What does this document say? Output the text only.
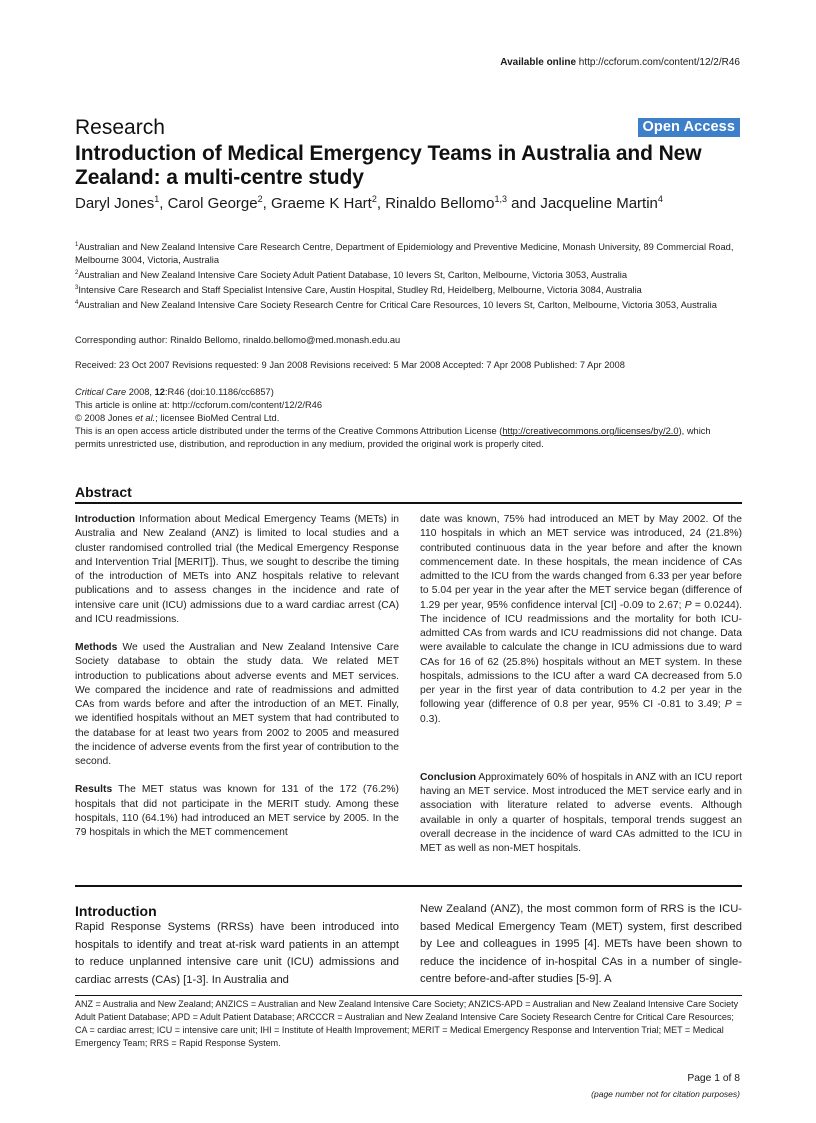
Available online http://ccforum.com/content/12/2/R46
Research	Open Access
Introduction of Medical Emergency Teams in Australia and New Zealand: a multi-centre study
Daryl Jones$^1$, Carol George$^2$, Graeme K Hart$^2$, Rinaldo Bellomo$^{1,3}$ and Jacqueline Martin$^4$
$^1$Australian and New Zealand Intensive Care Research Centre, Department of Epidemiology and Preventive Medicine, Monash University, 89 Commercial Road, Melbourne 3004, Victoria, Australia
$^2$Australian and New Zealand Intensive Care Society Adult Patient Database, 10 Ievers St, Carlton, Melbourne, Victoria 3053, Australia
$^3$Intensive Care Research and Staff Specialist Intensive Care, Austin Hospital, Studley Rd, Heidelberg, Melbourne, Victoria 3084, Australia
$^4$Australian and New Zealand Intensive Care Society Research Centre for Critical Care Resources, 10 Ievers St, Carlton, Melbourne, Victoria 3053, Australia
Corresponding author: Rinaldo Bellomo, rinaldo.bellomo@med.monash.edu.au
Received: 23 Oct 2007 Revisions requested: 9 Jan 2008 Revisions received: 5 Mar 2008 Accepted: 7 Apr 2008 Published: 7 Apr 2008
Critical Care 2008, 12:R46 (doi:10.1186/cc6857)
This article is online at: http://ccforum.com/content/12/2/R46
© 2008 Jones et al.; licensee BioMed Central Ltd.
This is an open access article distributed under the terms of the Creative Commons Attribution License (http://creativecommons.org/licenses/by/2.0), which permits unrestricted use, distribution, and reproduction in any medium, provided the original work is properly cited.
Abstract
Introduction Information about Medical Emergency Teams (METs) in Australia and New Zealand (ANZ) is limited to local studies and a cluster randomised controlled trial (the Medical Emergency Response and Intervention Trial [MERIT]). Thus, we sought to describe the timing of the introduction of METs into ANZ hospitals relative to relevant publications and to assess changes in the incidence and rate of intensive care unit (ICU) admissions due to a ward cardiac arrest (CA) and ICU readmissions.
Methods We used the Australian and New Zealand Intensive Care Society database to obtain the study data. We related MET introduction to publications about adverse events and MET services. We compared the incidence and rate of readmissions and admitted CAs from wards before and after the introduction of an MET. Finally, we identified hospitals without an MET system that had contributed to the database for at least two years from 2002 to 2005 and measured the incidence of adverse events from the first year of contribution to the second.
Results The MET status was known for 131 of the 172 (76.2%) hospitals that did not participate in the MERIT study. Among these hospitals, 110 (64.1%) had introduced an MET service by 2005. In the 79 hospitals in which the MET commencement
date was known, 75% had introduced an MET by May 2002. Of the 110 hospitals in which an MET service was introduced, 24 (21.8%) contributed continuous data in the year before and after the known commencement date. In these hospitals, the mean incidence of CAs admitted to the ICU from the wards changed from 6.33 per year before to 5.04 per year in the year after the MET service began (difference of 1.29 per year, 95% confidence interval [CI] -0.09 to 2.67; P = 0.0244). The incidence of ICU readmissions and the mortality for both ICU-admitted CAs from wards and ICU readmissions did not change. Data were available to calculate the change in ICU admissions due to ward CAs for 16 of 62 (25.8%) hospitals without an MET system. In these hospitals, admissions to the ICU after a ward CA decreased from 5.0 per year in the first year of data contribution to 4.2 per year in the following year (difference of 0.8 per year, 95% CI -0.81 to 3.49; P = 0.3).
Conclusion Approximately 60% of hospitals in ANZ with an ICU report having an MET service. Most introduced the MET service early and in association with literature related to adverse events. Although available in only a quarter of hospitals, temporal trends suggest an overall decrease in the incidence of ward CAs admitted to the ICU in MET as well as non-MET hospitals.
Introduction
Rapid Response Systems (RRSs) have been introduced into hospitals to identify and treat at-risk ward patients in an attempt to reduce unplanned intensive care unit (ICU) admissions and cardiac arrests (CAs) [1-3]. In Australia and
New Zealand (ANZ), the most common form of RRS is the ICU-based Medical Emergency Team (MET) system, first described by Lee and colleagues in 1995 [4]. METs have been shown to reduce the incidence of in-hospital CAs in a number of single-centre before-and-after studies [5-9]. A
ANZ = Australia and New Zealand; ANZICS = Australian and New Zealand Intensive Care Society; ANZICS-APD = Australian and New Zealand Intensive Care Society Adult Patient Database; APD = Adult Patient Database; ARCCCR = Australian and New Zealand Intensive Care Society Research Centre for Critical Care Resources; CA = cardiac arrest; ICU = intensive care unit; IHI = Institute of Health Improvement; MERIT = Medical Emergency Response and Intervention Trial; MET = Medical Emergency Team; RRS = Rapid Response System.
Page 1 of 8
(page number not for citation purposes)
